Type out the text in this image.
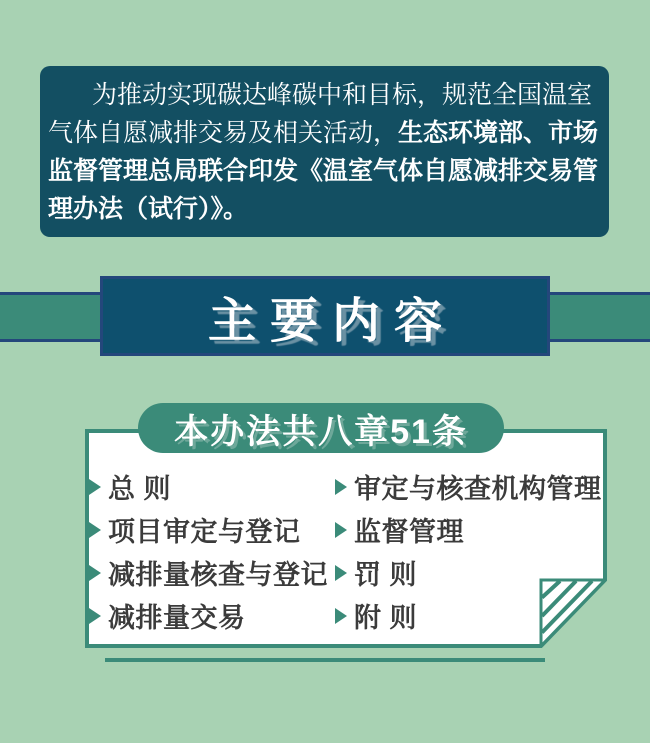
为推动实现碳达峰碳中和目标，规范全国温室气体自愿减排交易及相关活动，生态环境部、市场监督管理总局联合印发《温室气体自愿减排交易管理办法（试行）》。

主要内容
本办法共八章51条
总 则
项目审定与登记
减排量核查与登记
减排量交易
审定与核查机构管理
监督管理
罚 则
附 则
